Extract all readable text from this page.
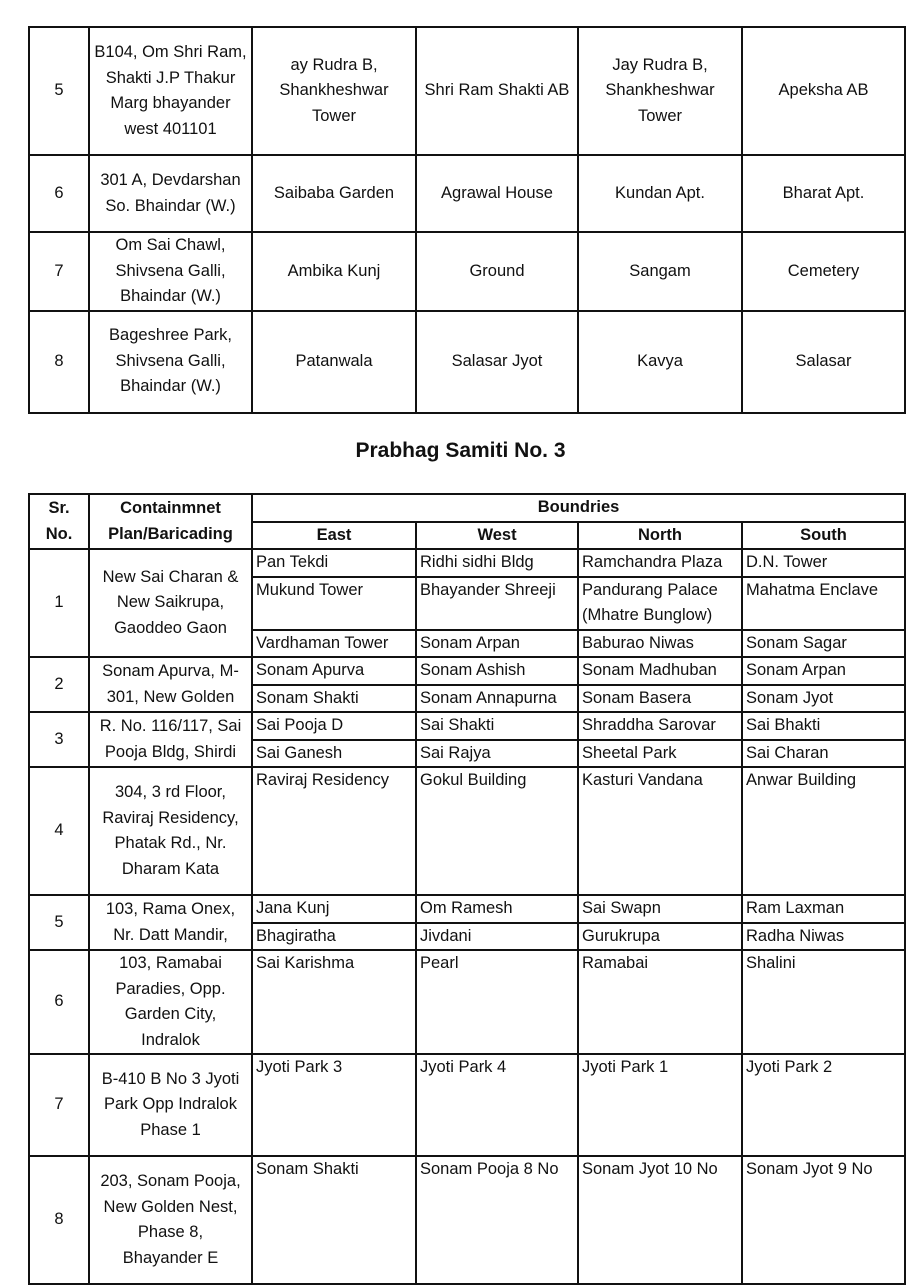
5	B104, Om Shri Ram, Shakti J.P Thakur Marg bhayander west 401101	ay Rudra B, Shankheshwar Tower	Shri Ram Shakti AB	Jay Rudra B, Shankheshwar Tower	Apeksha AB
6	301 A, Devdarshan So. Bhaindar (W.)	Saibaba Garden	Agrawal House	Kundan Apt.	Bharat Apt.
7	Om Sai Chawl, Shivsena Galli, Bhaindar (W.)	Ambika Kunj	Ground	Sangam	Cemetery
8	Bageshree Park, Shivsena Galli, Bhaindar (W.)	Patanwala	Salasar Jyot	Kavya	Salasar
Prabhag Samiti No. 3
Sr. No.	Containmnet Plan/Baricading	Boundries			
		East	West	North	South
1	New Sai Charan & New Saikrupa, Gaoddeo Gaon	Pan Tekdi	Ridhi sidhi Bldg	Ramchandra Plaza	D.N. Tower
		Mukund Tower	Bhayander Shreeji	Pandurang Palace (Mhatre Bunglow)	Mahatma Enclave
		Vardhaman Tower	Sonam Arpan	Baburao Niwas	Sonam Sagar
2	Sonam Apurva, M-301, New Golden	Sonam Apurva	Sonam Ashish	Sonam Madhuban	Sonam Arpan
		Sonam Shakti	Sonam Annapurna	Sonam Basera	Sonam Jyot
3	R. No. 116/117, Sai Pooja Bldg, Shirdi	Sai Pooja D	Sai Shakti	Shraddha Sarovar	Sai Bhakti
		Sai Ganesh	Sai Rajya	Sheetal Park	Sai Charan
4	304, 3 rd Floor, Raviraj Residency, Phatak Rd., Nr. Dharam Kata	Raviraj Residency	Gokul Building	Kasturi Vandana	Anwar Building
5	103, Rama Onex, Nr. Datt Mandir,	Jana Kunj	Om Ramesh	Sai Swapn	Ram Laxman
		Bhagiratha	Jivdani	Gurukrupa	Radha Niwas
6	103, Ramabai Paradies, Opp. Garden City, Indralok	Sai Karishma	Pearl	Ramabai	Shalini
7	B-410 B No 3 Jyoti Park Opp Indralok Phase 1	Jyoti Park 3	Jyoti Park 4	Jyoti Park 1	Jyoti Park 2
8	203, Sonam Pooja, New Golden Nest, Phase 8, Bhayander E	Sonam Shakti	Sonam Pooja 8 No	Sonam Jyot 10 No	Sonam Jyot 9 No
